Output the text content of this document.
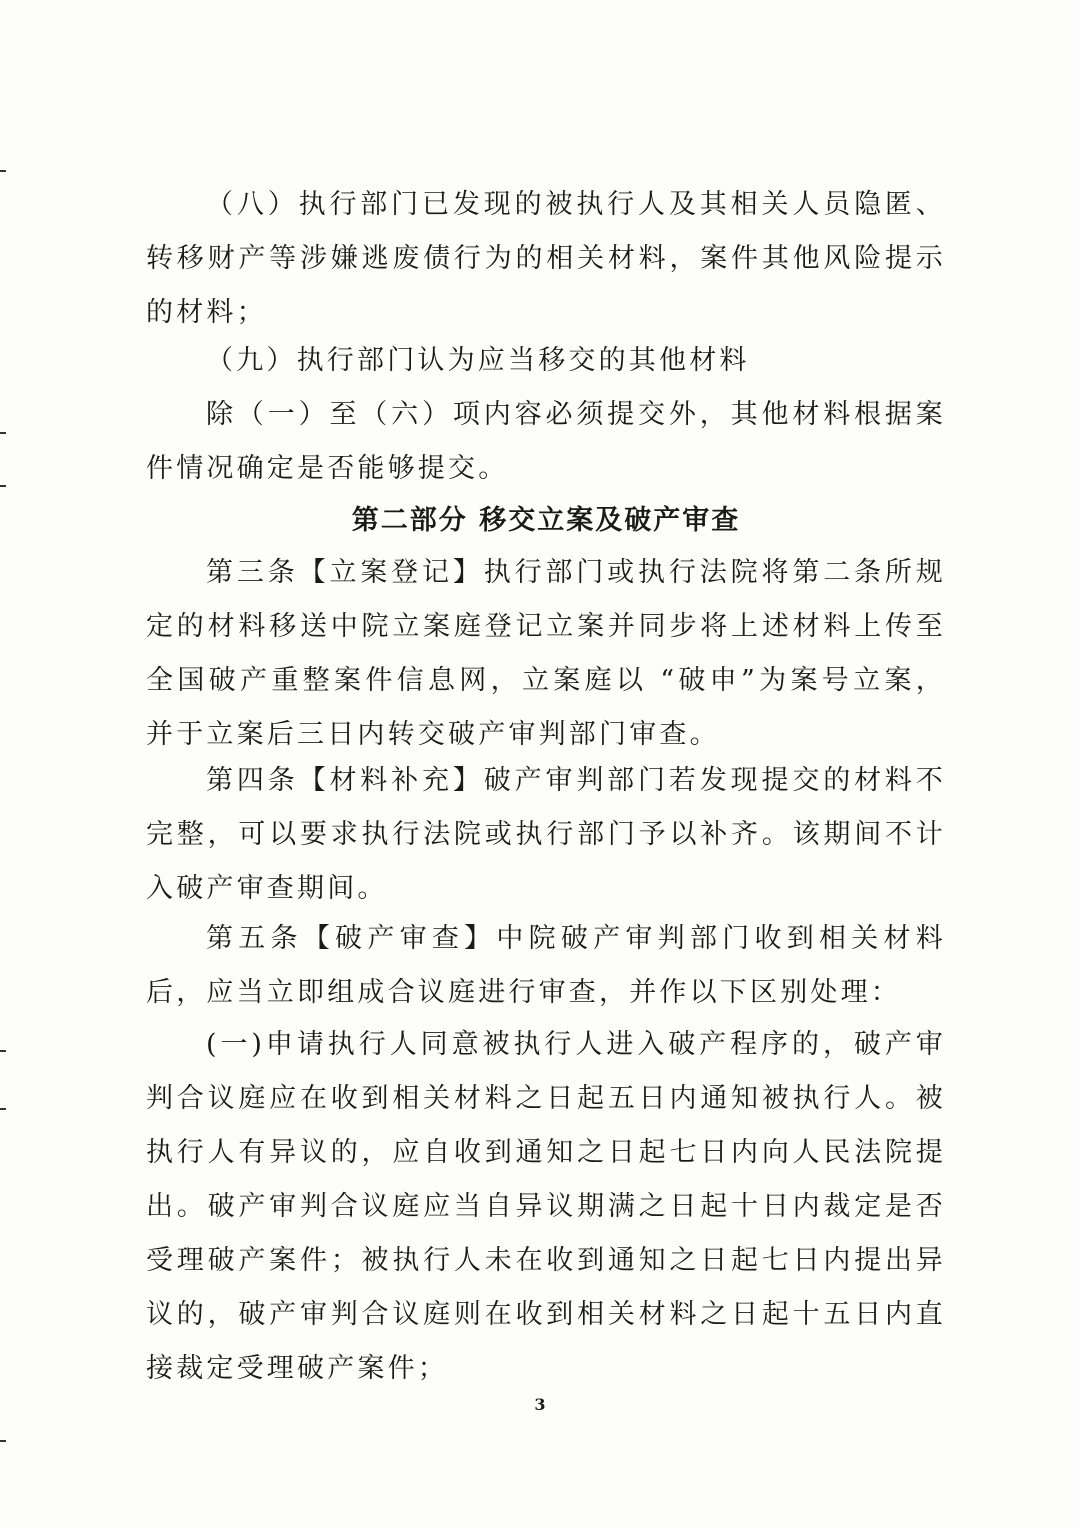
（八）执行部门已发现的被执行人及其相关人员隐匿、转移财产等涉嫌逃废债行为的相关材料，案件其他风险提示的材料；

（九）执行部门认为应当移交的其他材料

除（一）至（六）项内容必须提交外，其他材料根据案件情况确定是否能够提交。

第二部分 移交立案及破产审查

第三条【立案登记】执行部门或执行法院将第二条所规定的材料移送中院立案庭登记立案并同步将上述材料上传至全国破产重整案件信息网，立案庭以 “破申”为案号立案，并于立案后三日内转交破产审判部门审查。

第四条【材料补充】破产审判部门若发现提交的材料不完整，可以要求执行法院或执行部门予以补齐。该期间不计入破产审查期间。

第五条【破产审查】中院破产审判部门收到相关材料后，应当立即组成合议庭进行审查，并作以下区别处理：

(一)申请执行人同意被执行人进入破产程序的，破产审判合议庭应在收到相关材料之日起五日内通知被执行人。被执行人有异议的，应自收到通知之日起七日内向人民法院提出。破产审判合议庭应当自异议期满之日起十日内裁定是否受理破产案件；被执行人未在收到通知之日起七日内提出异议的，破产审判合议庭则在收到相关材料之日起十五日内直接裁定受理破产案件；

3
